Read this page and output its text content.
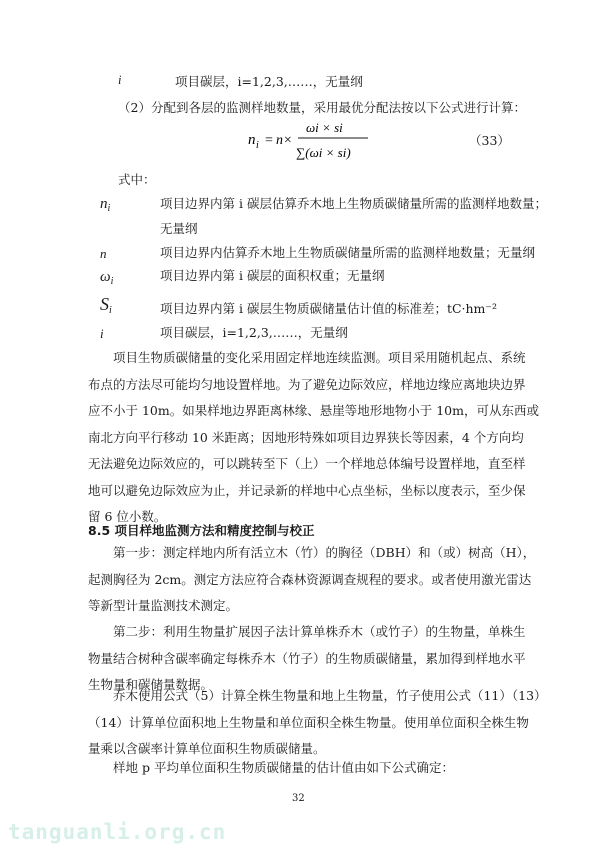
i	项目碳层，i=1,2,3,……，无量纲
（2）分配到各层的监测样地数量，采用最优分配法按以下公式进行计算：
n i = n×
ωi × si
∑(ωi × si)
（33）
式中：
ni	项目边界内第 i 碳层估算乔木地上生物质碳储量所需的监测样地数量；
无量纲
n	项目边界内估算乔木地上生物质碳储量所需的监测样地数量；无量纲
ωi	项目边界内第 i 碳层的面积权重；无量纲
Si	项目边界内第 i 碳层生物质碳储量估计值的标准差；tC·hm⁻²
i	项目碳层，i=1,2,3,……，无量纲
项目生物质碳储量的变化采用固定样地连续监测。项目采用随机起点、系统
布点的方法尽可能均匀地设置样地。为了避免边际效应，样地边缘应离地块边界
应不小于 10m。如果样地边界距离林缘、悬崖等地形地物小于 10m，可从东西或
南北方向平行移动 10 米距离；因地形特殊如项目边界狭长等因素，4 个方向均
无法避免边际效应的，可以跳转至下（上）一个样地总体编号设置样地，直至样
地可以避免边际效应为止，并记录新的样地中心点坐标，坐标以度表示，至少保
留 6 位小数。
8.5 项目样地监测方法和精度控制与校正
第一步：测定样地内所有活立木（竹）的胸径（DBH）和（或）树高（H），
起测胸径为 2cm。测定方法应符合森林资源调查规程的要求。或者使用激光雷达
等新型计量监测技术测定。
第二步：利用生物量扩展因子法计算单株乔木（或竹子）的生物量，单株生
物量结合树种含碳率确定每株乔木（竹子）的生物质碳储量，累加得到样地水平
生物量和碳储量数据。
乔木使用公式（5）计算全株生物量和地上生物量，竹子使用公式（11）（13）
（14）计算单位面积地上生物量和单位面积全株生物量。使用单位面积全株生物
量乘以含碳率计算单位面积生物质碳储量。
样地 p 平均单位面积生物质碳储量的估计值由如下公式确定：
32
tanguanli.org.cn
